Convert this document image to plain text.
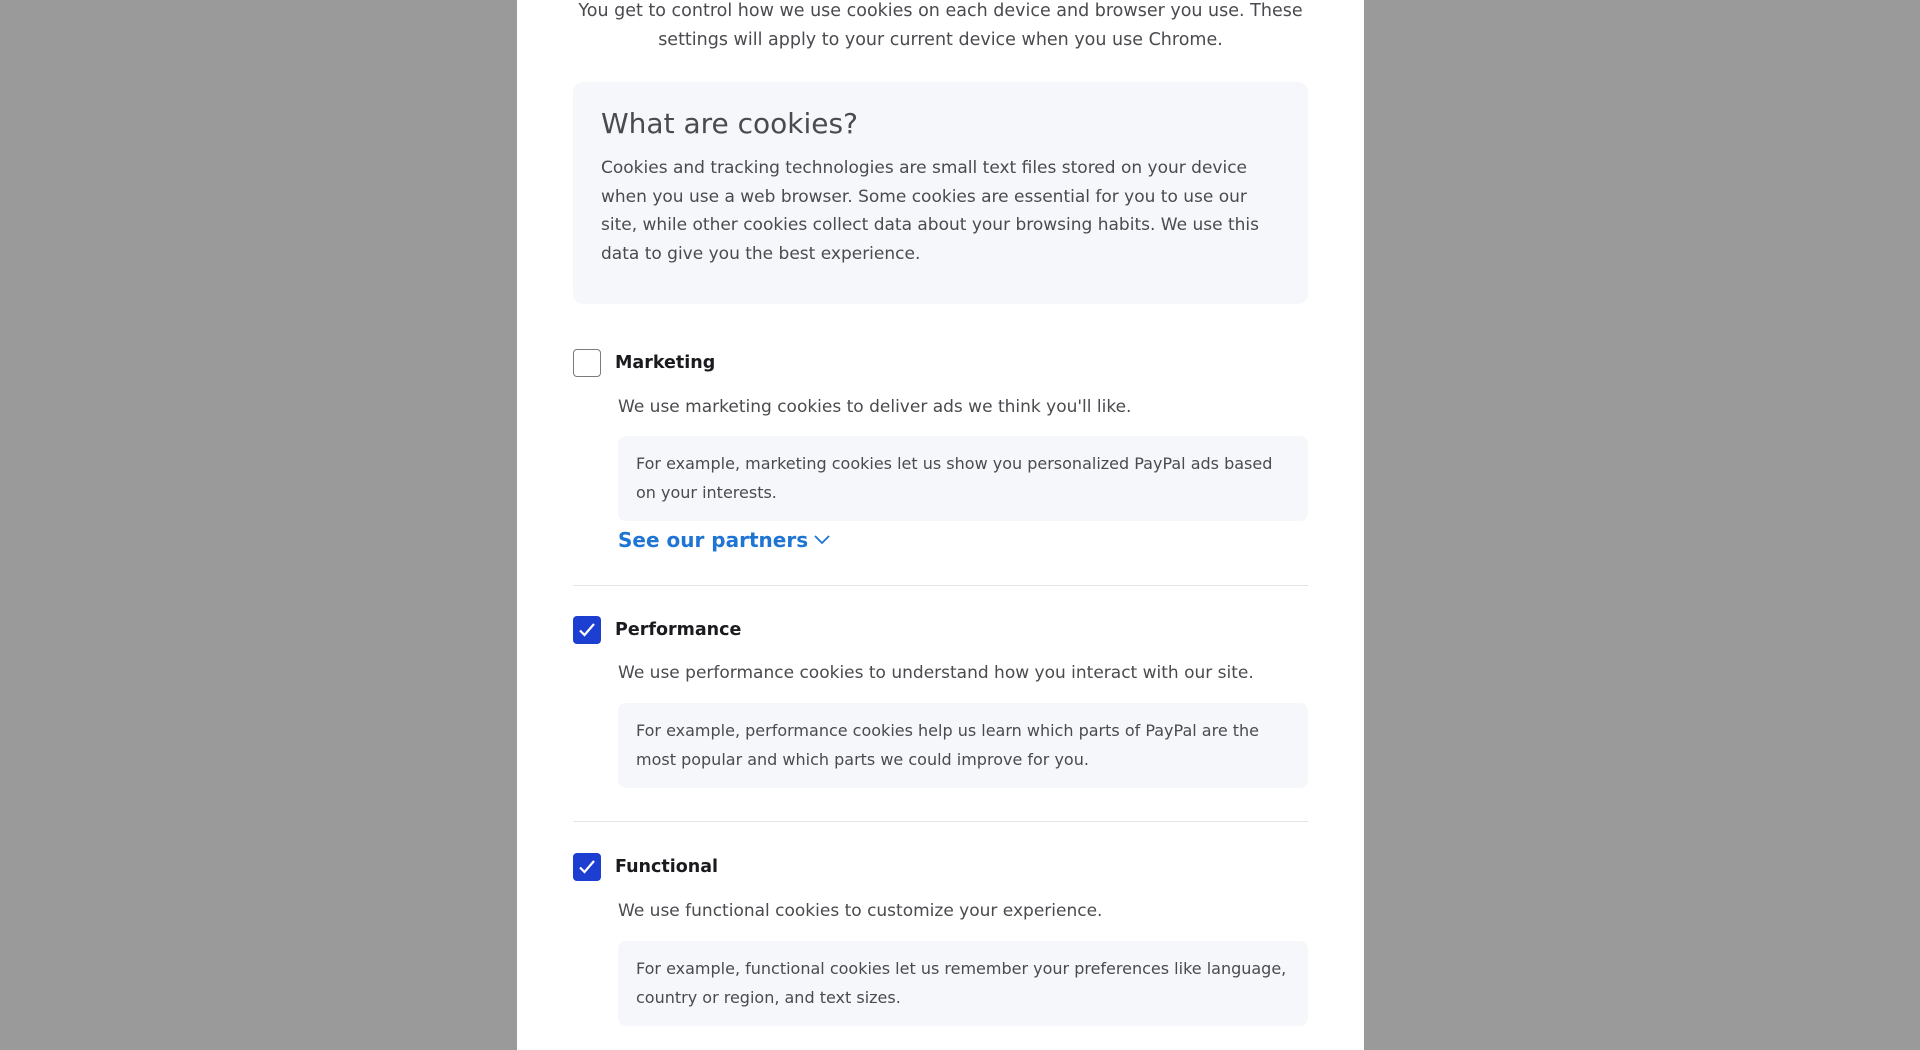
You get to control how we use cookies on each device and browser you use. These
settings will apply to your current device when you use Chrome.
What are cookies?

Cookies and tracking technologies are small text files stored on your device when you use a web browser. Some cookies are essential for you to use our site, while other cookies collect data about your browsing habits. We use this data to give you the best experience.

Marketing
We use marketing cookies to deliver ads we think you'll like.
For example, marketing cookies let us show you personalized PayPal ads based on your interests.
See our partners
Performance
We use performance cookies to understand how you interact with our site.
For example, performance cookies help us learn which parts of PayPal are the most popular and which parts we could improve for you.
Functional
We use functional cookies to customize your experience.
For example, functional cookies let us remember your preferences like language, country or region, and text sizes.
